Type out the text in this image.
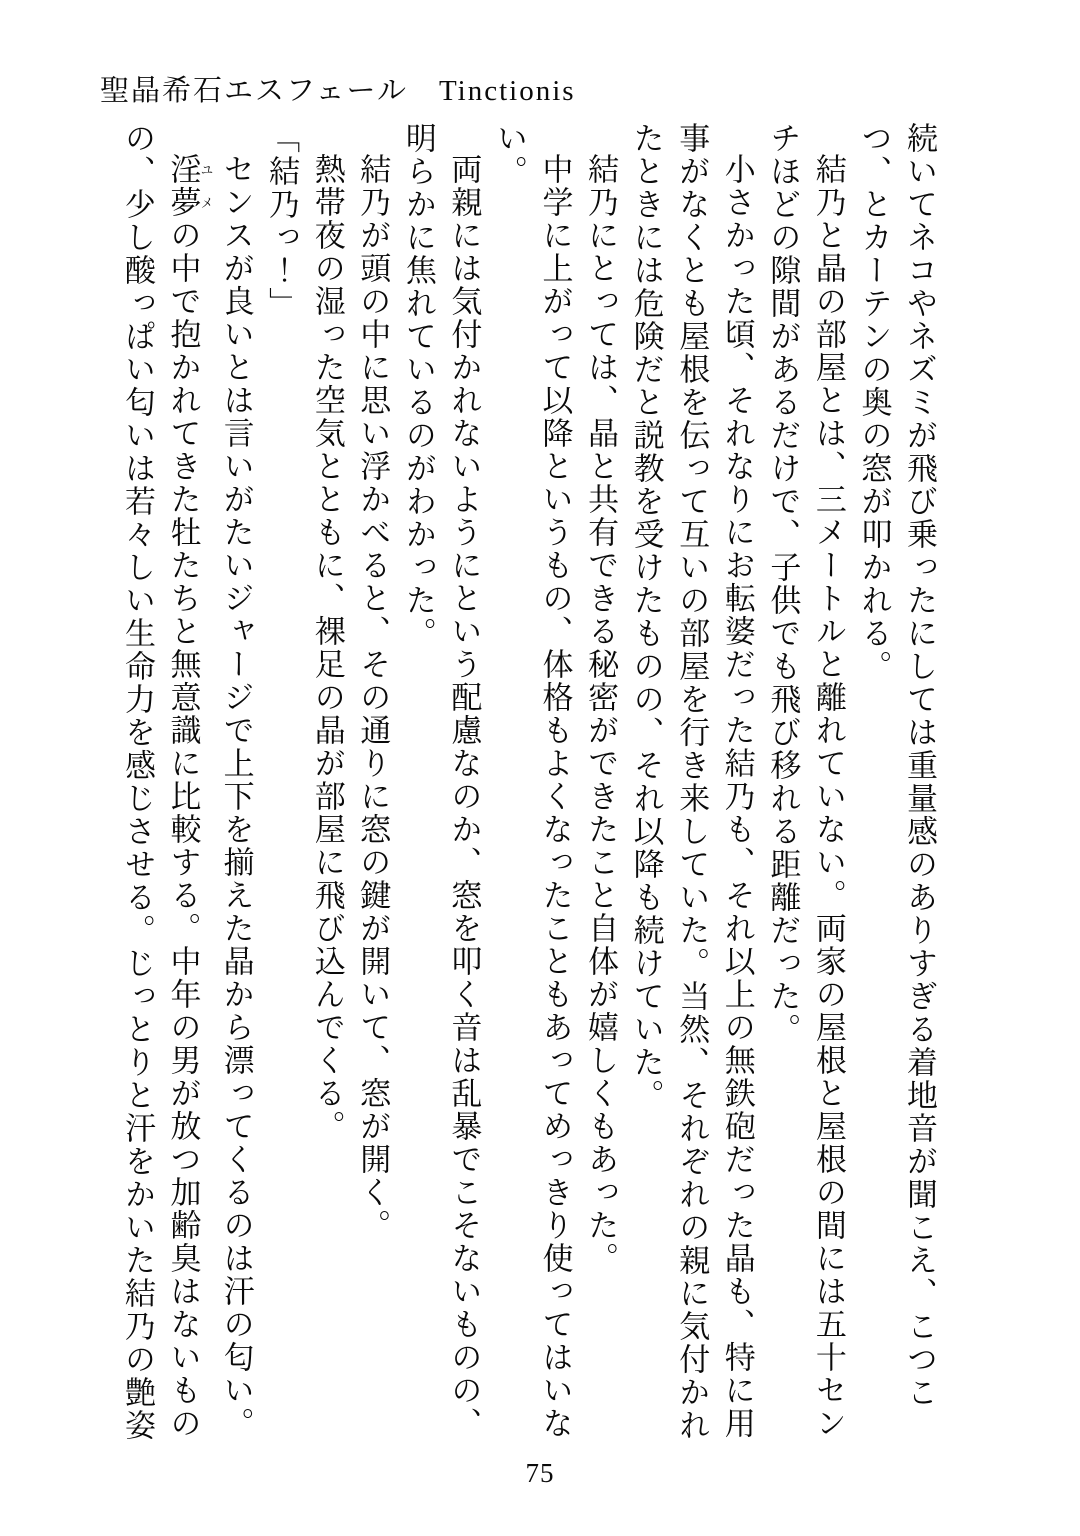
聖晶希石エスフェール　Tinctionis

続いてネコやネズミが飛び乗ったにしては重量感のありすぎる着地音が聞こえ、こつこつ、とカーテンの奥の窓が叩かれる。

結乃と晶の部屋とは、三メートルと離れていない。両家の屋根と屋根の間には五十センチほどの隙間があるだけで、子供でも飛び移れる距離だった。

小さかった頃、それなりにお転婆だった結乃も、それ以上の無鉄砲だった晶も、特に用事がなくとも屋根を伝って互いの部屋を行き来していた。当然、それぞれの親に気付かれたときには危険だと説教を受けたものの、それ以降も続けていた。

結乃にとっては、晶と共有できる秘密ができたこと自体が嬉しくもあった。

中学に上がって以降というもの、体格もよくなったこともあってめっきり使ってはいない。

両親には気付かれないようにという配慮なのか、窓を叩く音は乱暴でこそないものの、明らかに焦れているのがわかった。

結乃が頭の中に思い浮かべると、その通りに窓の鍵が開いて、窓が開く。

熱帯夜の湿った空気とともに、裸足の晶が部屋に飛び込んでくる。

「結乃っ！」

センスが良いとは言いがたいジャージで上下を揃えた晶から漂ってくるのは汗の匂い。

淫夢ユメの中で抱かれてきた牡たちと無意識に比較する。中年の男が放つ加齢臭はないものの、少し酸っぱい匂いは若々しい生命力を感じさせる。じっとりと汗をかいた結乃の艶姿

75
